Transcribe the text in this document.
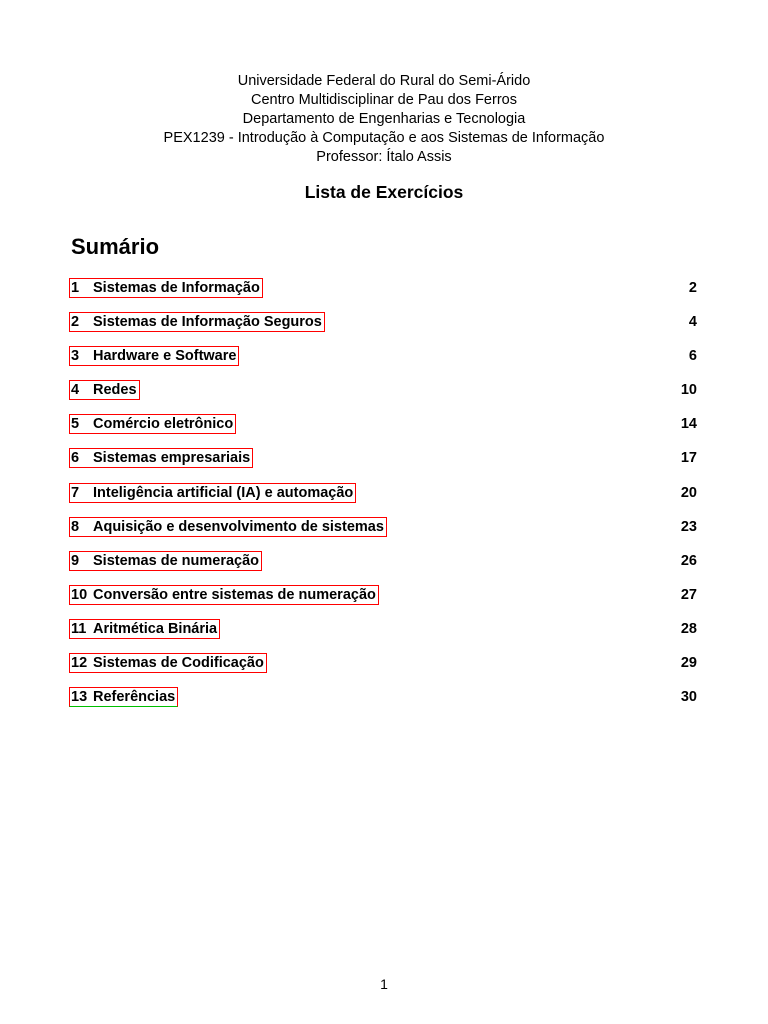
Universidade Federal do Rural do Semi-Árido
Centro Multidisciplinar de Pau dos Ferros
Departamento de Engenharias e Tecnologia
PEX1239 - Introdução à Computação e aos Sistemas de Informação
Professor: Ítalo Assis
Lista de Exercícios
Sumário
1 Sistemas de Informação	2
2 Sistemas de Informação Seguros	4
3 Hardware e Software	6
4 Redes	10
5 Comércio eletrônico	14
6 Sistemas empresariais	17
7 Inteligência artificial (IA) e automação	20
8 Aquisição e desenvolvimento de sistemas	23
9 Sistemas de numeração	26
10 Conversão entre sistemas de numeração	27
11 Aritmética Binária	28
12 Sistemas de Codificação	29
13 Referências	30
1
